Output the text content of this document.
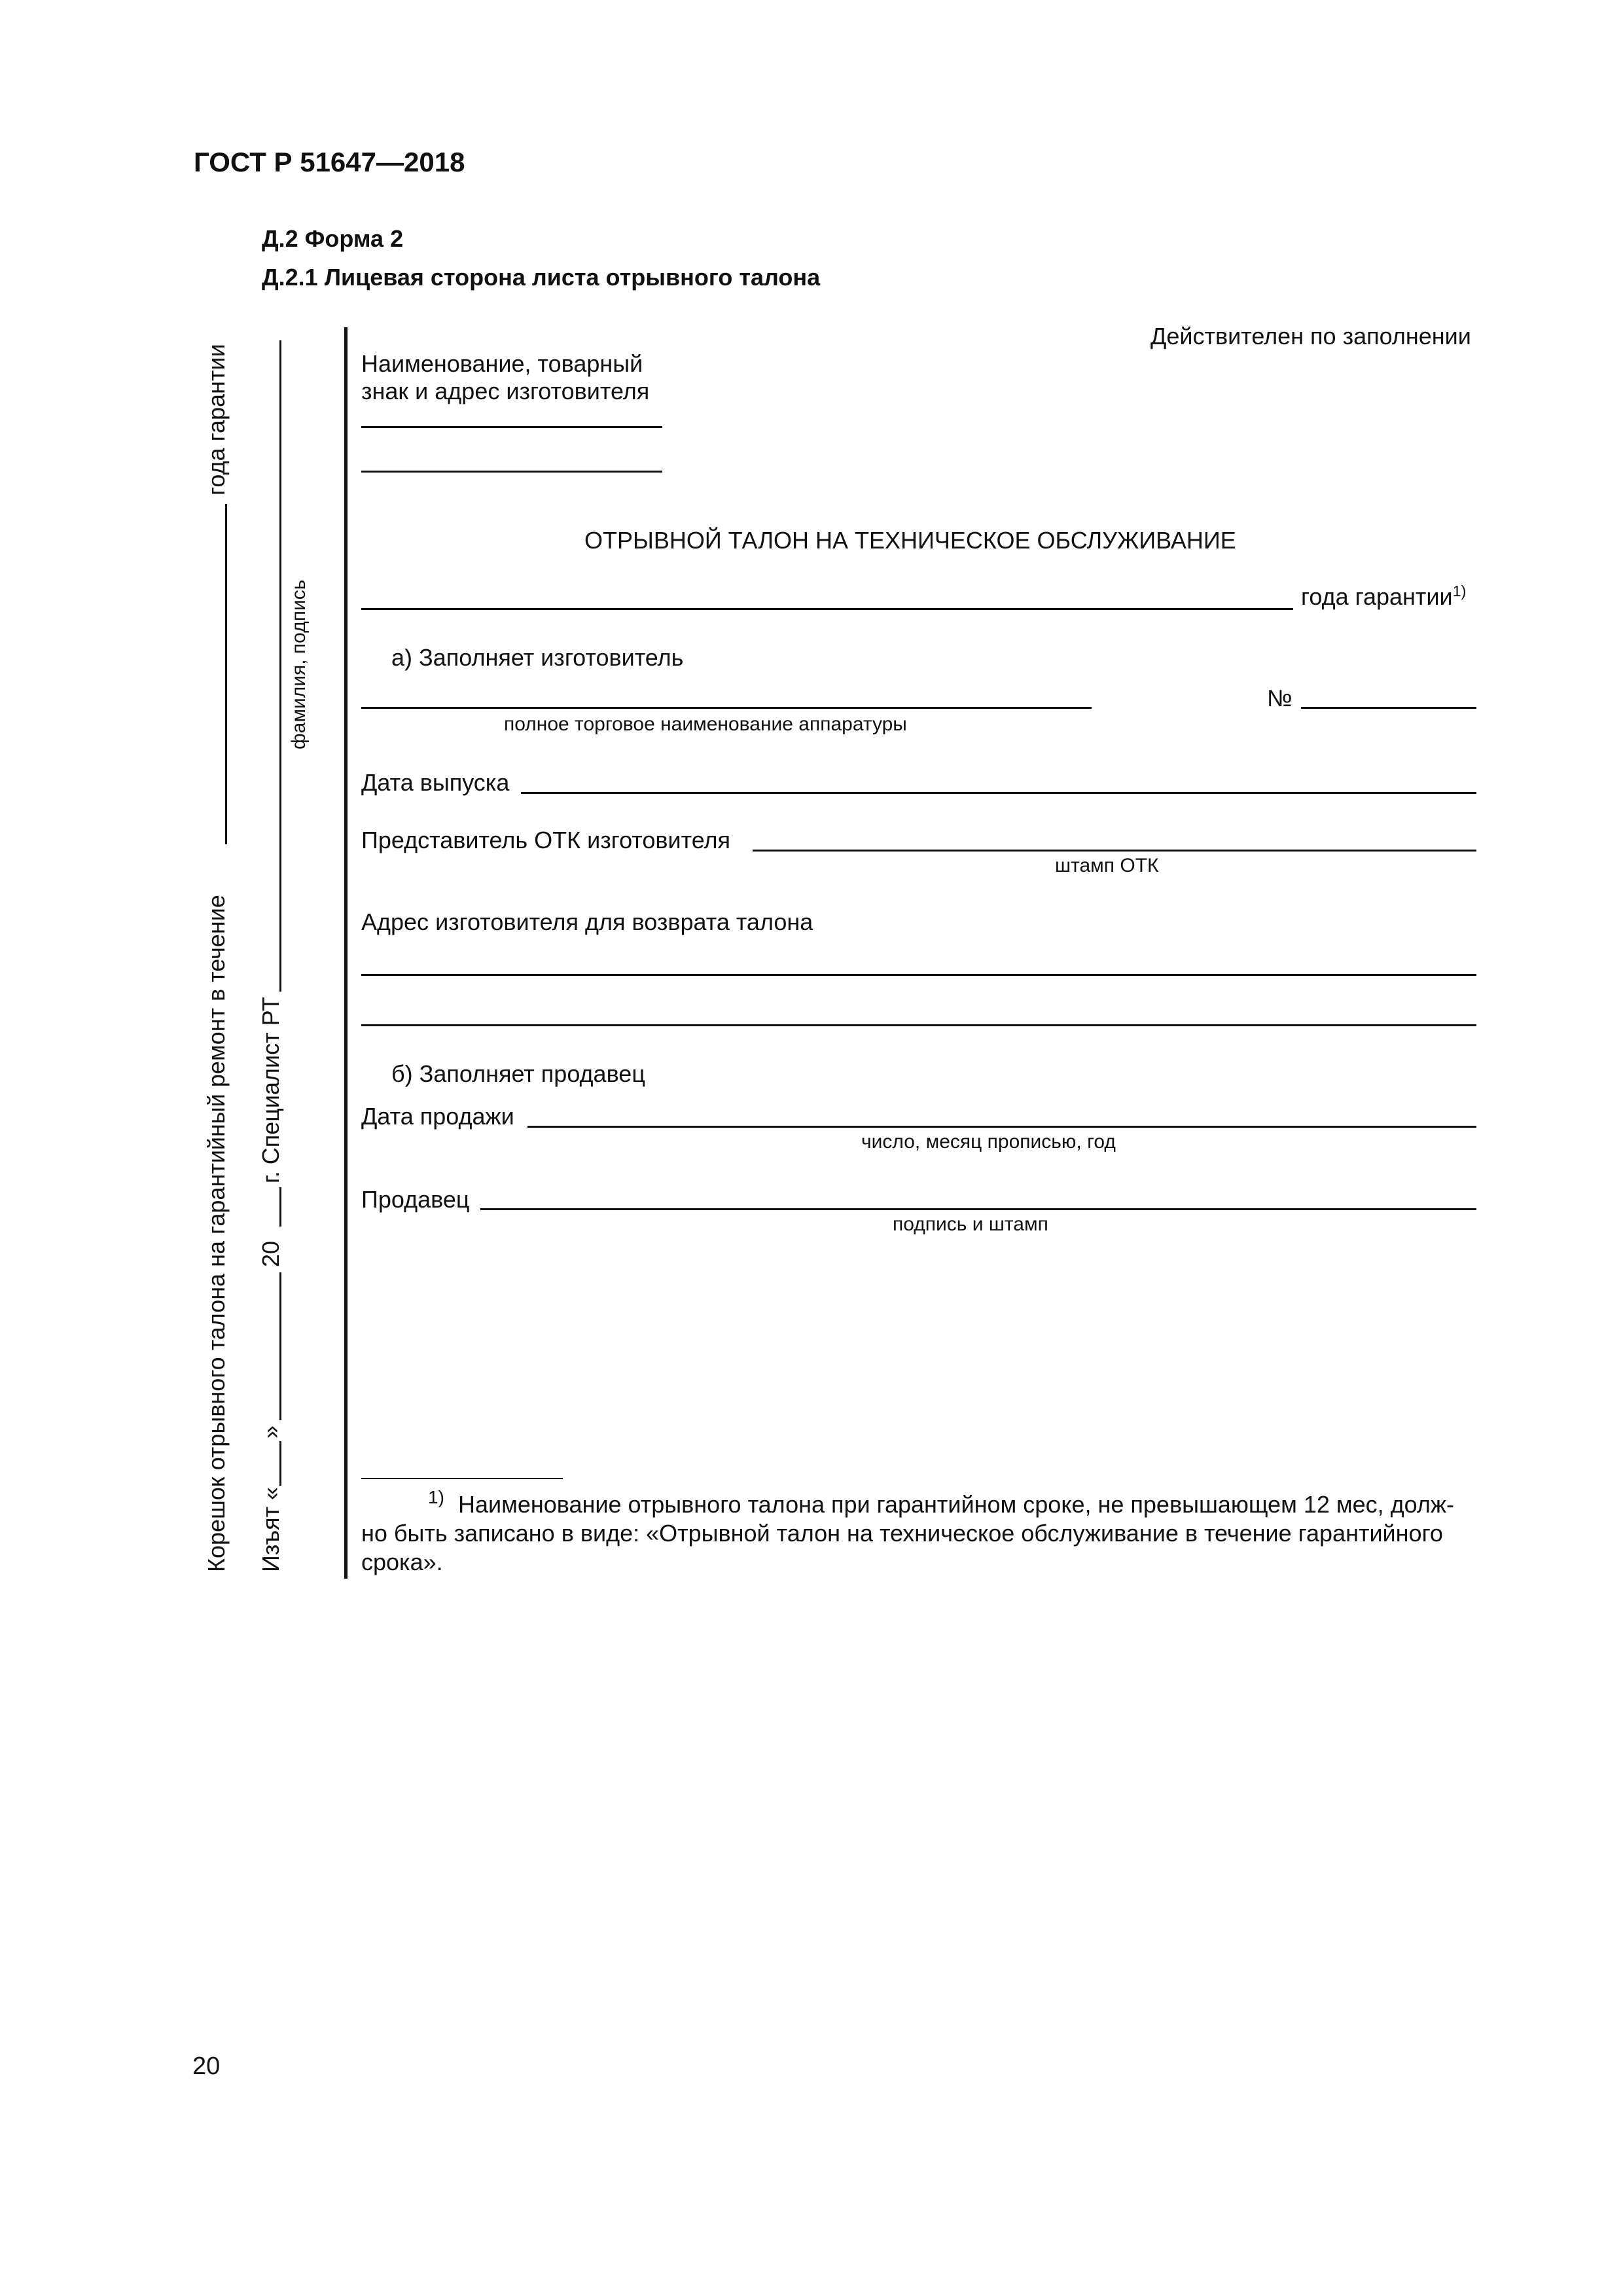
ГОСТ Р 51647—2018
Д.2 Форма 2
Д.2.1 Лицевая сторона листа отрывного талона
Корешок отрывного талона на гарантийный ремонт в течение
года гарантии
Изъят «
»
20
г. Специалист РТ
фамилия, подпись
Действителен по заполнении
Наименование, товарный
знак и адрес изготовителя
ОТРЫВНОЙ ТАЛОН НА ТЕХНИЧЕСКОЕ ОБСЛУЖИВАНИЕ
года гарантии$^{1)}$
а) Заполняет изготовитель
№
полное торговое наименование аппаратуры
Дата выпуска
Представитель ОТК изготовителя
штамп ОТК
Адрес изготовителя для возврата талона
б) Заполняет продавец
Дата продажи
число, месяц прописью, год
Продавец
подпись и штамп
1) Наименование отрывного талона при гарантийном сроке, не превышающем 12 мес, долж-
но быть записано в виде: «Отрывной талон на техническое обслуживание в течение гарантийного
срока».
20
